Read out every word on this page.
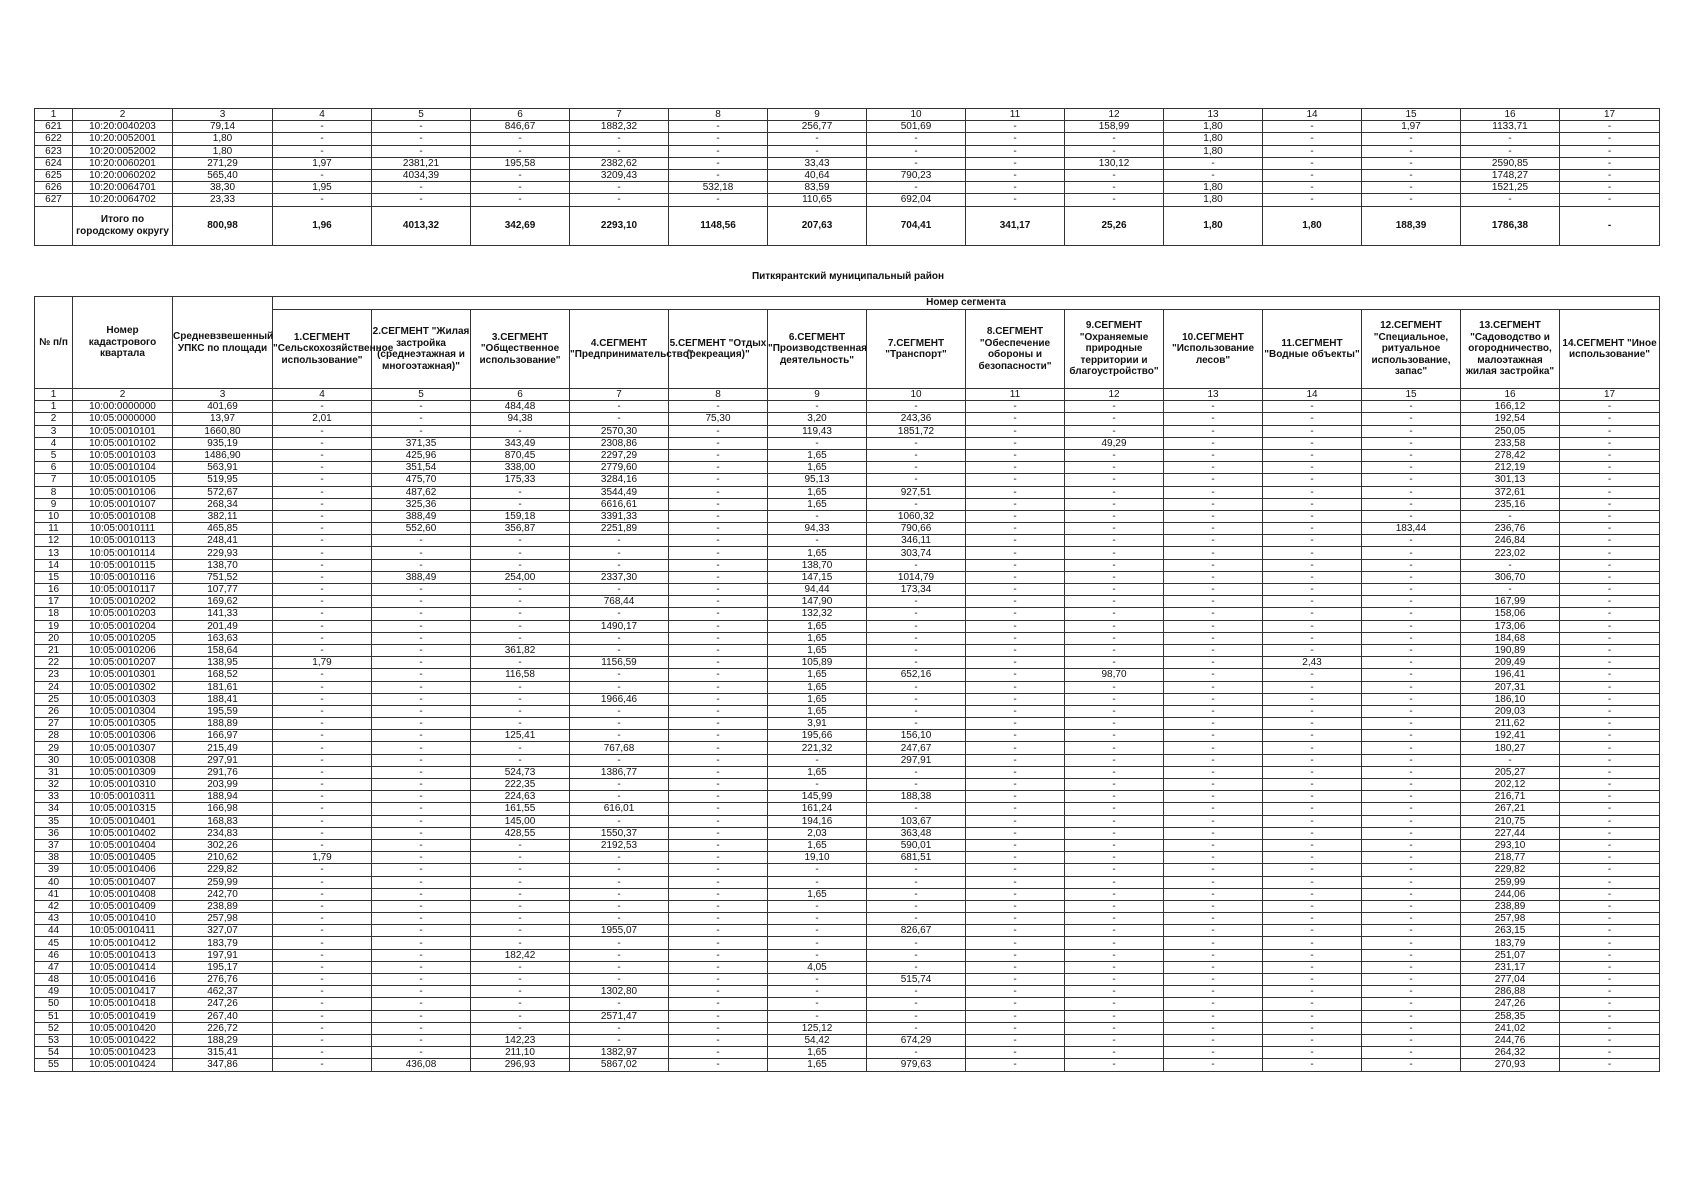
1	2	3	4	5	6	7	8	9	10	11	12	13	14	15	16	17
621	10:20:0040203	79,14	-	-	846,67	1882,32	-	256,77	501,69	-	158,99	1,80	-	1,97	1133,71	-
622	10:20:0052001	1,80	-	-	-	-	-	-	-	-	-	1,80	-	-	-	-
623	10:20:0052002	1,80	-	-	-	-	-	-	-	-	-	1,80	-	-	-	-
624	10:20:0060201	271,29	1,97	2381,21	195,58	2382,62	-	33,43	-	-	130,12	-	-	-	2590,85	-
625	10:20:0060202	565,40	-	4034,39	-	3209,43	-	40,64	790,23	-	-	-	-	-	1748,27	-
626	10:20:0064701	38,30	1,95	-	-	-	532,18	83,59	-	-	-	1,80	-	-	1521,25	-
627	10:20:0064702	23,33	-	-	-	-	-	110,65	692,04	-	-	1,80	-	-	-	-
	Итого по городскому округу	800,98	1,96	4013,32	342,69	2293,10	1148,56	207,63	704,41	341,17	25,26	1,80	1,80	188,39	1786,38	-
Питкярантский муниципальный район
№ п/п	Номер кадастрового квартала	Средневзвешенный УПКС по площади	Номер сегмента													
			1.СЕГМЕНТ "Сельскохозяйственное использование"	2.СЕГМЕНТ "Жилая застройка (среднеэтажная и многоэтажная)"	3.СЕГМЕНТ "Общественное использование"	4.СЕГМЕНТ "Предпринимательство"	5.СЕГМЕНТ "Отдых (рекреация)"	6.СЕГМЕНТ "Производственная деятельность"	7.СЕГМЕНТ "Транспорт"	8.СЕГМЕНТ "Обеспечение обороны и безопасности"	9.СЕГМЕНТ "Охраняемые природные территории и благоустройство"	10.СЕГМЕНТ "Использование лесов"	11.СЕГМЕНТ "Водные объекты"	12.СЕГМЕНТ "Специальное, ритуальное использование, запас"	13.СЕГМЕНТ "Садоводство и огородничество, малоэтажная жилая застройка"	14.СЕГМЕНТ "Иное использование"
1	2	3	4	5	6	7	8	9	10	11	12	13	14	15	16	17
1	10:00:0000000	401,69	-	-	484,48	-	-	-	-	-	-	-	-	-	166,12	-
2	10:05:0000000	13,97	2,01	-	94,38	-	75,30	3,20	243,36	-	-	-	-	-	192,54	-
3	10:05:0010101	1660,80	-	-	-	2570,30	-	119,43	1851,72	-	-	-	-	-	250,05	-
4	10:05:0010102	935,19	-	371,35	343,49	2308,86	-	-	-	-	49,29	-	-	-	233,58	-
5	10:05:0010103	1486,90	-	425,96	870,45	2297,29	-	1,65	-	-	-	-	-	-	278,42	-
6	10:05:0010104	563,91	-	351,54	338,00	2779,60	-	1,65	-	-	-	-	-	-	212,19	-
7	10:05:0010105	519,95	-	475,70	175,33	3284,16	-	95,13	-	-	-	-	-	-	301,13	-
8	10:05:0010106	572,67	-	487,62	-	3544,49	-	1,65	927,51	-	-	-	-	-	372,61	-
9	10:05:0010107	268,34	-	325,36	-	6616,61	-	1,65	-	-	-	-	-	-	235,16	-
10	10:05:0010108	382,11	-	388,49	159,18	3391,33	-	-	1060,32	-	-	-	-	-	-	-
11	10:05:0010111	465,85	-	552,60	356,87	2251,89	-	94,33	790,66	-	-	-	-	183,44	236,76	-
12	10:05:0010113	248,41	-	-	-	-	-	-	346,11	-	-	-	-	-	246,84	-
13	10:05:0010114	229,93	-	-	-	-	-	1,65	303,74	-	-	-	-	-	223,02	-
14	10:05:0010115	138,70	-	-	-	-	-	138,70	-	-	-	-	-	-	-	-
15	10:05:0010116	751,52	-	388,49	254,00	2337,30	-	147,15	1014,79	-	-	-	-	-	306,70	-
16	10:05:0010117	107,77	-	-	-	-	-	94,44	173,34	-	-	-	-	-	-	-
17	10:05:0010202	169,62	-	-	-	768,44	-	147,90	-	-	-	-	-	-	167,99	-
18	10:05:0010203	141,33	-	-	-	-	-	132,32	-	-	-	-	-	-	158,06	-
19	10:05:0010204	201,49	-	-	-	1490,17	-	1,65	-	-	-	-	-	-	173,06	-
20	10:05:0010205	163,63	-	-	-	-	-	1,65	-	-	-	-	-	-	184,68	-
21	10:05:0010206	158,64	-	-	361,82	-	-	1,65	-	-	-	-	-	-	190,89	-
22	10:05:0010207	138,95	1,79	-	-	1156,59	-	105,89	-	-	-	-	2,43	-	209,49	-
23	10:05:0010301	168,52	-	-	116,58	-	-	1,65	652,16	-	98,70	-	-	-	196,41	-
24	10:05:0010302	181,61	-	-	-	-	-	1,65	-	-	-	-	-	-	207,31	-
25	10:05:0010303	188,41	-	-	-	1966,46	-	1,65	-	-	-	-	-	-	186,10	-
26	10:05:0010304	195,59	-	-	-	-	-	1,65	-	-	-	-	-	-	209,03	-
27	10:05:0010305	188,89	-	-	-	-	-	3,91	-	-	-	-	-	-	211,62	-
28	10:05:0010306	166,97	-	-	125,41	-	-	195,66	156,10	-	-	-	-	-	192,41	-
29	10:05:0010307	215,49	-	-	-	767,68	-	221,32	247,67	-	-	-	-	-	180,27	-
30	10:05:0010308	297,91	-	-	-	-	-	-	297,91	-	-	-	-	-	-	-
31	10:05:0010309	291,76	-	-	524,73	1386,77	-	1,65	-	-	-	-	-	-	205,27	-
32	10:05:0010310	203,99	-	-	222,35	-	-	-	-	-	-	-	-	-	202,12	-
33	10:05:0010311	188,94	-	-	224,63	-	-	145,99	188,38	-	-	-	-	-	216,71	-
34	10:05:0010315	166,98	-	-	161,55	616,01	-	161,24	-	-	-	-	-	-	267,21	-
35	10:05:0010401	168,83	-	-	145,00	-	-	194,16	103,67	-	-	-	-	-	210,75	-
36	10:05:0010402	234,83	-	-	428,55	1550,37	-	2,03	363,48	-	-	-	-	-	227,44	-
37	10:05:0010404	302,26	-	-	-	2192,53	-	1,65	590,01	-	-	-	-	-	293,10	-
38	10:05:0010405	210,62	1,79	-	-	-	-	19,10	681,51	-	-	-	-	-	218,77	-
39	10:05:0010406	229,82	-	-	-	-	-	-	-	-	-	-	-	-	229,82	-
40	10:05:0010407	259,99	-	-	-	-	-	-	-	-	-	-	-	-	259,99	-
41	10:05:0010408	242,70	-	-	-	-	-	1,65	-	-	-	-	-	-	244,06	-
42	10:05:0010409	238,89	-	-	-	-	-	-	-	-	-	-	-	-	238,89	-
43	10:05:0010410	257,98	-	-	-	-	-	-	-	-	-	-	-	-	257,98	-
44	10:05:0010411	327,07	-	-	-	1955,07	-	-	826,67	-	-	-	-	-	263,15	-
45	10:05:0010412	183,79	-	-	-	-	-	-	-	-	-	-	-	-	183,79	-
46	10:05:0010413	197,91	-	-	182,42	-	-	-	-	-	-	-	-	-	251,07	-
47	10:05:0010414	195,17	-	-	-	-	-	4,05	-	-	-	-	-	-	231,17	-
48	10:05:0010416	276,76	-	-	-	-	-	-	515,74	-	-	-	-	-	277,04	-
49	10:05:0010417	462,37	-	-	-	1302,80	-	-	-	-	-	-	-	-	286,88	-
50	10:05:0010418	247,26	-	-	-	-	-	-	-	-	-	-	-	-	247,26	-
51	10:05:0010419	267,40	-	-	-	2571,47	-	-	-	-	-	-	-	-	258,35	-
52	10:05:0010420	226,72	-	-	-	-	-	125,12	-	-	-	-	-	-	241,02	-
53	10:05:0010422	188,29	-	-	142,23	-	-	54,42	674,29	-	-	-	-	-	244,76	-
54	10:05:0010423	315,41	-	-	211,10	1382,97	-	1,65	-	-	-	-	-	-	264,32	-
55	10:05:0010424	347,86	-	436,08	296,93	5867,02	-	1,65	979,63	-	-	-	-	-	270,93	-
